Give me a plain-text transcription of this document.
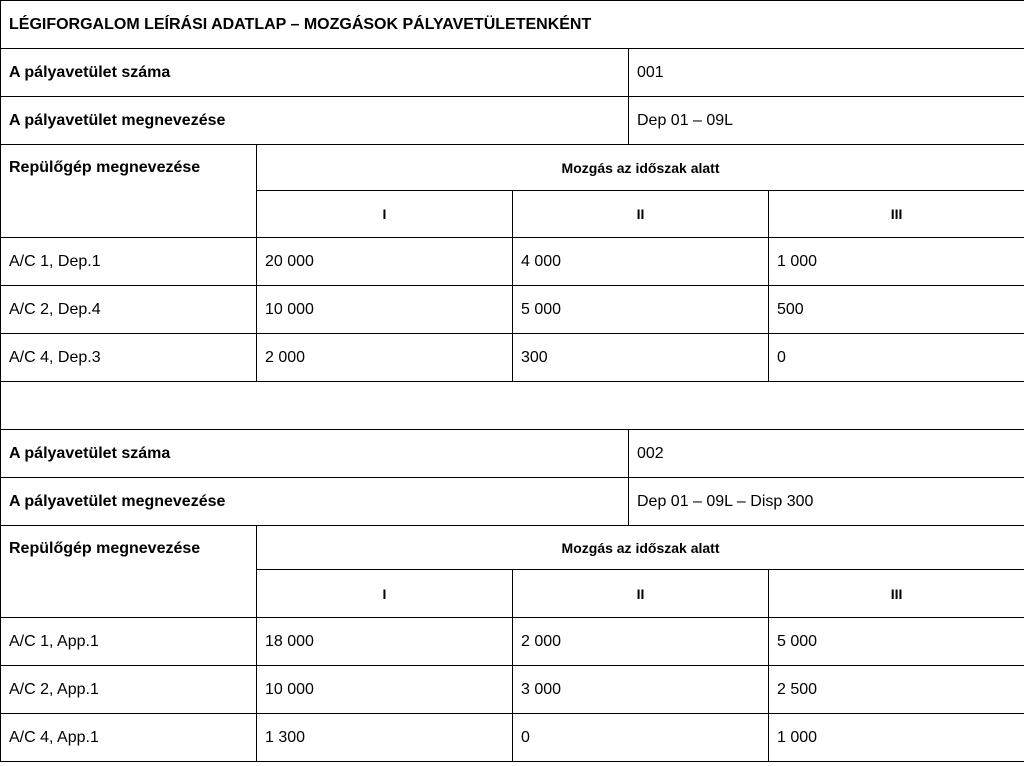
LÉGIFORGALOM LEÍRÁSI ADATLAP – MOZGÁSOK PÁLYAVETÜLETENKÉNT				
A pályavetület száma			001	
A pályavetület megnevezése			Dep 01 – 09L	
Repülőgép megnevezése	Mozgás az időszak alatt			
	I	II		III
A/C 1, Dep.1	20 000	4 000		1 000
A/C 2, Dep.4	10 000	5 000		500
A/C 4, Dep.3	2 000	300		0

A pályavetület száma			002	
A pályavetület megnevezése			Dep 01 – 09L – Disp 300	
Repülőgép megnevezése	Mozgás az időszak alatt			
	I	II		III
A/C 1, App.1	18 000	2 000		5 000
A/C 2, App.1	10 000	3 000		2 500
A/C 4, App.1	1 300	0		1 000
